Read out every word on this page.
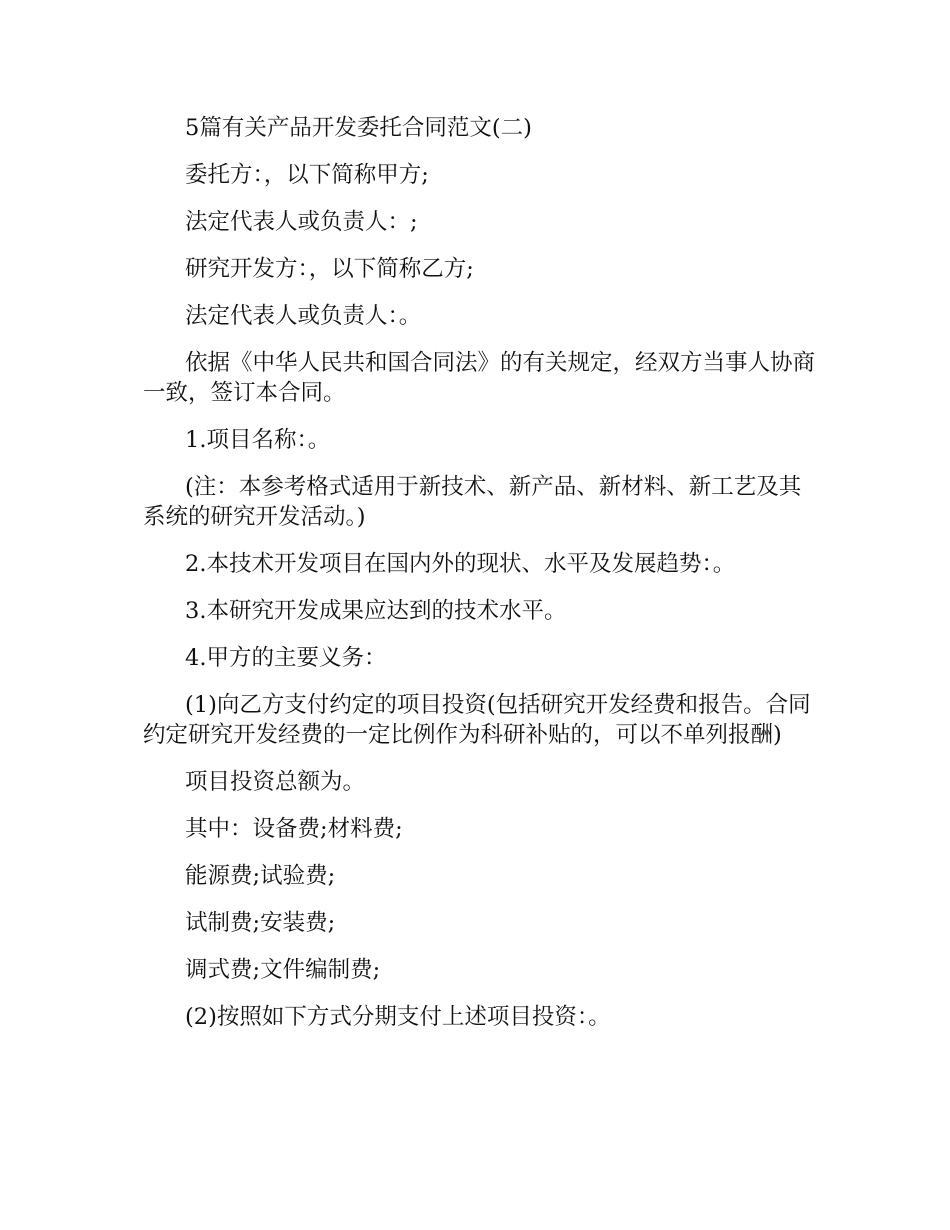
5篇有关产品开发委托合同范文(二)

委托方：，以下简称甲方;

法定代表人或负责人：;

研究开发方：，以下简称乙方;

法定代表人或负责人：。

依据《中华人民共和国合同法》的有关规定，经双方当事人协商一致，签订本合同。

1.项目名称：。

(注：本参考格式适用于新技术、新产品、新材料、新工艺及其系统的研究开发活动。)

2.本技术开发项目在国内外的现状、水平及发展趋势：。

3.本研究开发成果应达到的技术水平。

4.甲方的主要义务：

(1)向乙方支付约定的项目投资(包括研究开发经费和报告。合同约定研究开发经费的一定比例作为科研补贴的，可以不单列报酬)

项目投资总额为。

其中：设备费;材料费;

能源费;试验费;

试制费;安装费;

调式费;文件编制费;

(2)按照如下方式分期支付上述项目投资：。
